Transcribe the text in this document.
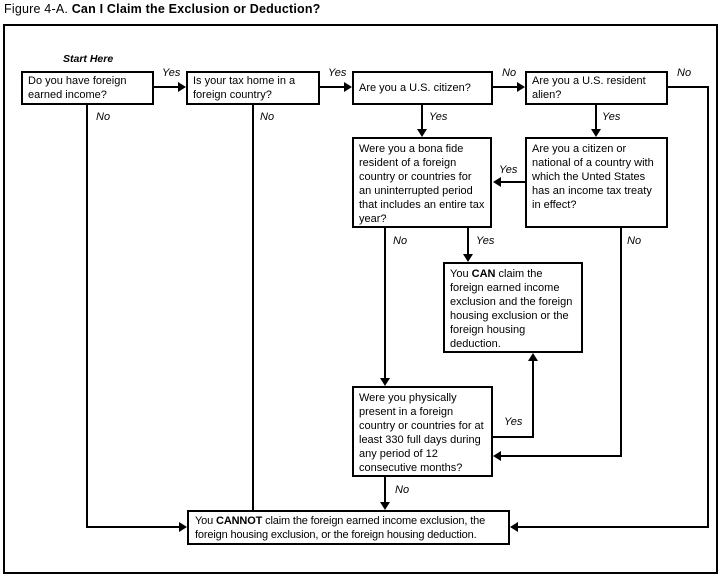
Figure 4-A. Can I Claim the Exclusion or Deduction?
Start Here
Do you have foreign earned income?
Is your tax home in a foreign country?
Are you a U.S. citizen?
Are you a U.S. resident alien?
Were you a bona fide resident of a foreign country or countries for an uninterrupted period that includes an entire tax year?
Are you a citizen or national of a country with which the Unted States has an income tax treaty in effect?
You CAN claim the foreign earned income exclusion and the foreign housing exclusion or the foreign housing deduction.
Were you physically present in a foreign country or countries for at least 330 full days during any period of 12 consecutive months?
You CANNOT claim the foreign earned income exclusion, the
foreign housing exclusion, or the foreign housing deduction.
Yes	Yes	No	No
No	No	Yes	Yes
Yes
No	Yes	No
Yes
No
